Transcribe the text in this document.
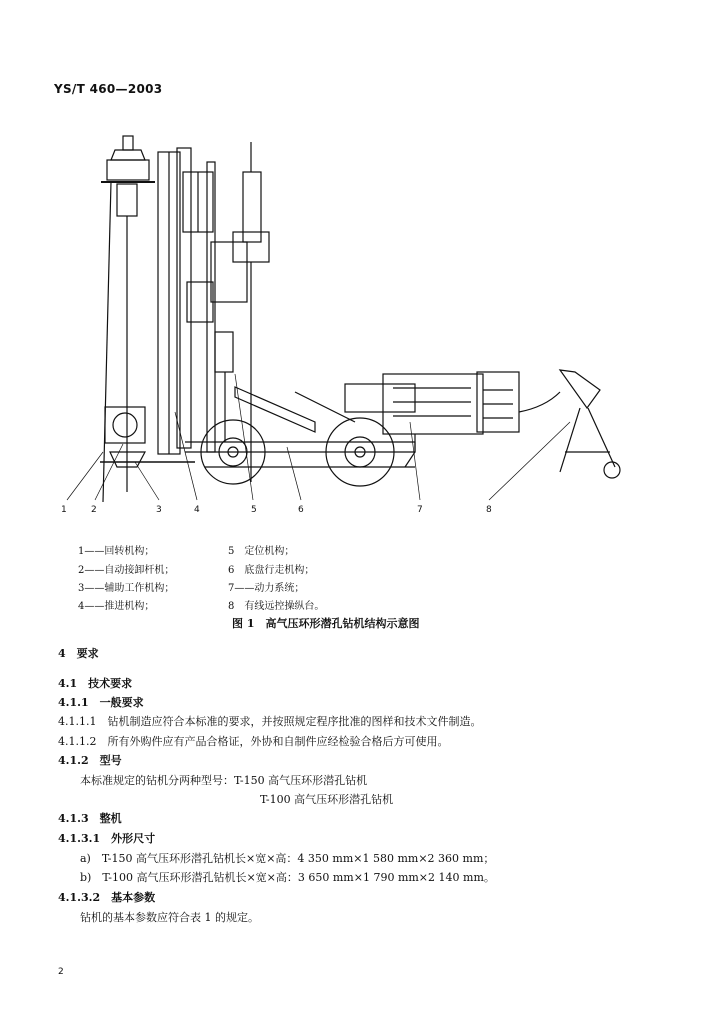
YS/T 460—2003
1	2	3	4	5	6	7	8
1——回转机构；
2——自动接卸杆机；
3——辅助工作机构；
4——推进机构；
5　 定位机构；
6　 底盘行走机构；
7——动力系统；
8　 有线远控操纵台。
图 1　高气压环形潜孔钻机结构示意图
4　要求
4.1　技术要求
4.1.1　一般要求
4.1.1.1　钻机制造应符合本标准的要求，并按照规定程序批准的图样和技术文件制造。
4.1.1.2　所有外购件应有产品合格证，外协和自制件应经检验合格后方可使用。
4.1.2　型号
本标准规定的钻机分两种型号：T-150 高气压环形潜孔钻机
T-100 高气压环形潜孔钻机
4.1.3　整机
4.1.3.1　外形尺寸
a)　T-150 高气压环形潜孔钻机长×宽×高：4 350 mm×1 580 mm×2 360 mm；
b)　T-100 高气压环形潜孔钻机长×宽×高：3 650 mm×1 790 mm×2 140 mm。
4.1.3.2　基本参数
钻机的基本参数应符合表 1 的规定。
2
